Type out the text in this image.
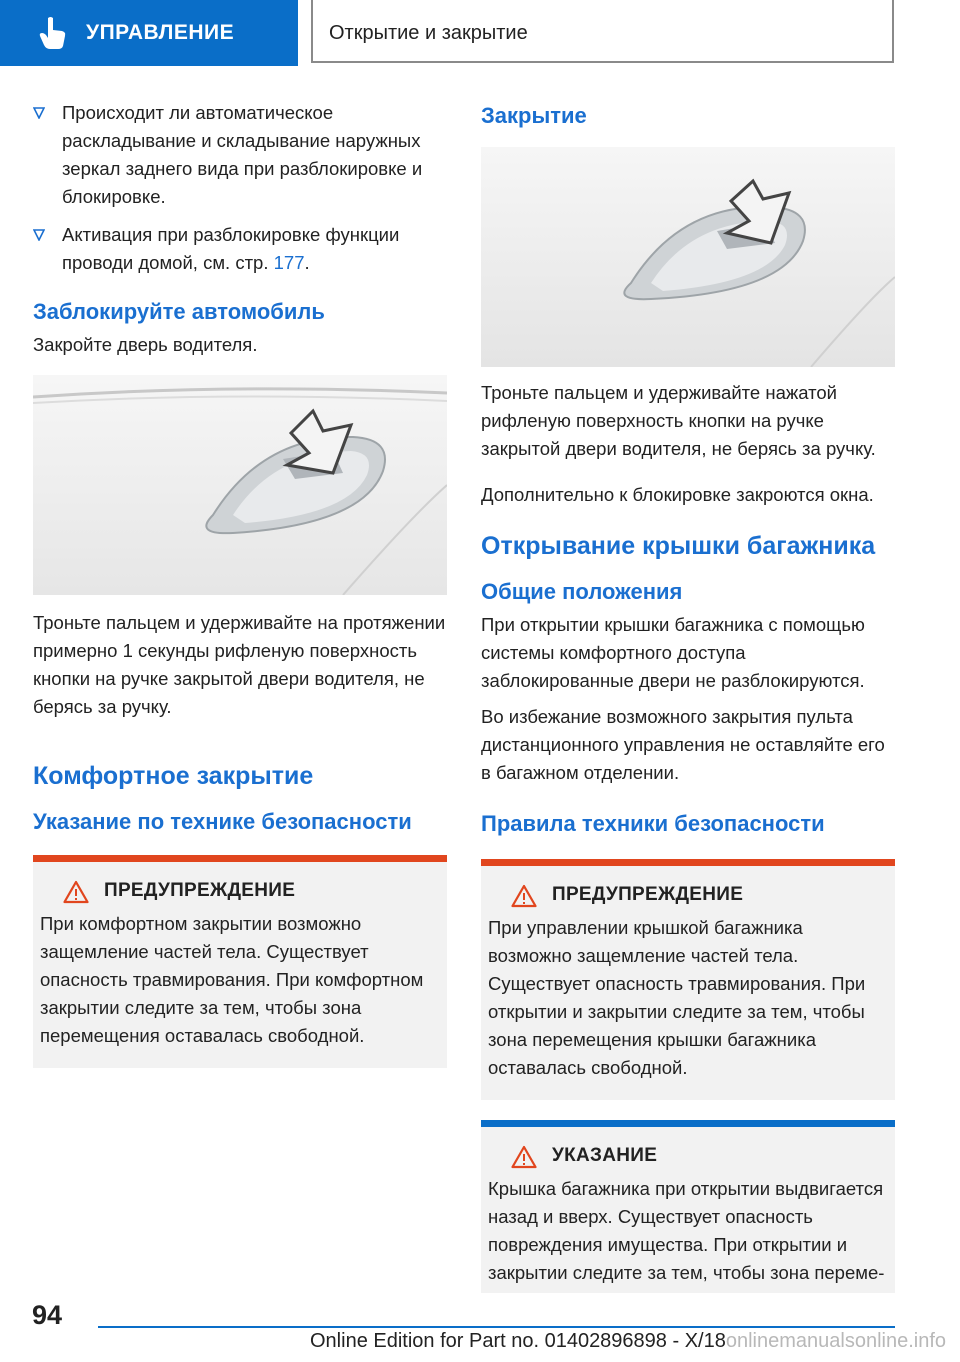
УПРАВЛЕНИЕ	Открытие и закрытие
Происходит ли автоматическое раскладывание и складывание наружных зеркал заднего вида при разблокировке и блокировке.
Активация при разблокировке функции проводи домой, см. стр. 177.
Заблокируйте автомобиль

Закройте дверь водителя.

Троньте пальцем и удерживайте на протяжении примерно 1 секунды рифленую поверхность кнопки на ручке закрытой двери водителя, не берясь за ручку.

Комфортное закрытие
Указание по технике безопасности
ПРЕДУПРЕЖДЕНИЕ

При комфортном закрытии возможно защемление частей тела. Существует опасность травмирования. При комфортном закрытии следите за тем, чтобы зона перемещения оставалась свободной.

Закрытие

Троньте пальцем и удерживайте нажатой рифленую поверхность кнопки на ручке закрытой двери водителя, не берясь за ручку.

Дополнительно к блокировке закроются окна.

Открывание крышки багажника
Общие положения

При открытии крышки багажника с помощью системы комфортного доступа заблокированные двери не разблокируются.

Во избежание возможного закрытия пульта дистанционного управления не оставляйте его в багажном отделении.

Правила техники безопасности
ПРЕДУПРЕЖДЕНИЕ

При управлении крышкой багажника возможно защемление частей тела. Существует опасность травмирования. При открытии и закрытии следите за тем, чтобы зона перемещения крышки багажника оставалась свободной.

УКАЗАНИЕ

Крышка багажника при открытии выдвигается назад и вверх. Существует опасность повреждения имущества. При открытии и закрытии следите за тем, чтобы зона переме-

94
Online Edition for Part no. 01402896898 - X/18onlinemanualsonline.info
